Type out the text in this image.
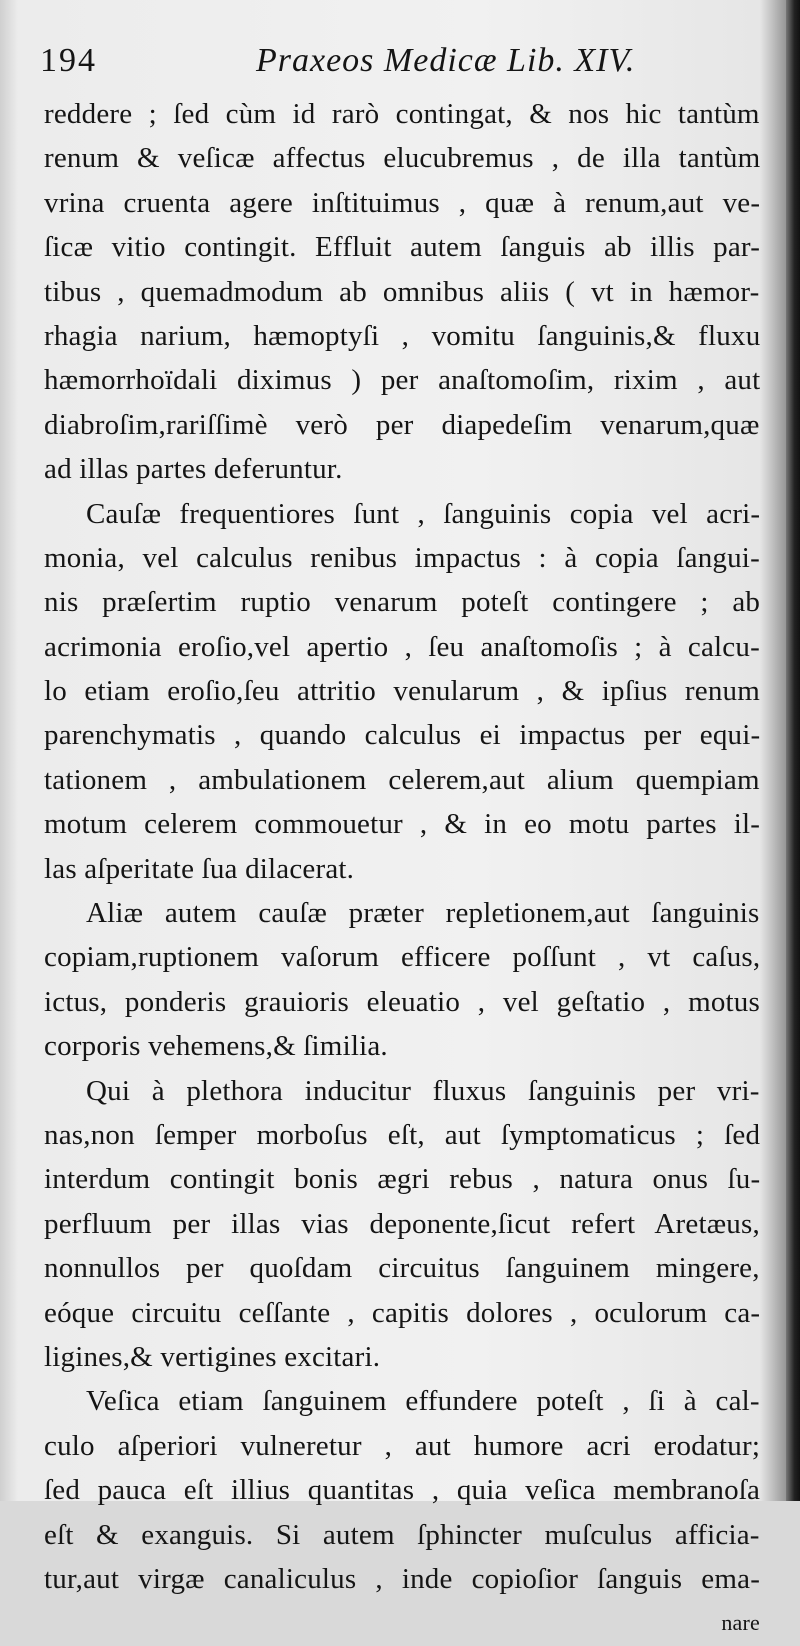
194	Praxeos Medicæ Lib. XIV.
reddere ; ſed cùm id rarò contingat, & nos hic tantùm
renum & veſicæ affectus elucubremus , de illa tantùm
vrina cruenta agere inſtituimus , quæ à renum,aut ve-
ſicæ vitio contingit. Effluit autem ſanguis ab illis par-
tibus , quemadmodum ab omnibus aliis ( vt in hæmor-
rhagia narium, hæmoptyſi , vomitu ſanguinis,& fluxu
hæmorrhoïdali diximus ) per anaſtomoſim, rixim , aut
diabroſim,rariſſimè verò per diapedeſim venarum,quæ
ad illas partes deferuntur.
Cauſæ frequentiores ſunt , ſanguinis copia vel acri-
monia, vel calculus renibus impactus : à copia ſangui-
nis præſertim ruptio venarum poteſt contingere ; ab
acrimonia eroſio,vel apertio , ſeu anaſtomoſis ; à calcu-
lo etiam eroſio,ſeu attritio venularum , & ipſius renum
parenchymatis , quando calculus ei impactus per equi-
tationem , ambulationem celerem,aut alium quempiam
motum celerem commouetur , & in eo motu partes il-
las aſperitate ſua dilacerat.
Aliæ autem cauſæ præter repletionem,aut ſanguinis
copiam,ruptionem vaſorum efficere poſſunt , vt caſus,
ictus, ponderis grauioris eleuatio , vel geſtatio , motus
corporis vehemens,& ſimilia.
Qui à plethora inducitur fluxus ſanguinis per vri-
nas,non ſemper morboſus eſt, aut ſymptomaticus ; ſed
interdum contingit bonis ægri rebus , natura onus ſu-
perfluum per illas vias deponente,ſicut refert Aretæus,
nonnullos per quoſdam circuitus ſanguinem mingere,
eóque circuitu ceſſante , capitis dolores , oculorum ca-
ligines,& vertigines excitari.
Veſica etiam ſanguinem effundere poteſt , ſi à cal-
culo aſperiori vulneretur , aut humore acri erodatur;
ſed pauca eſt illius quantitas , quia veſica membranoſa
eſt & exanguis. Si autem ſphincter muſculus afficia-
tur,aut virgæ canaliculus , inde copioſior ſanguis ema-
nare
